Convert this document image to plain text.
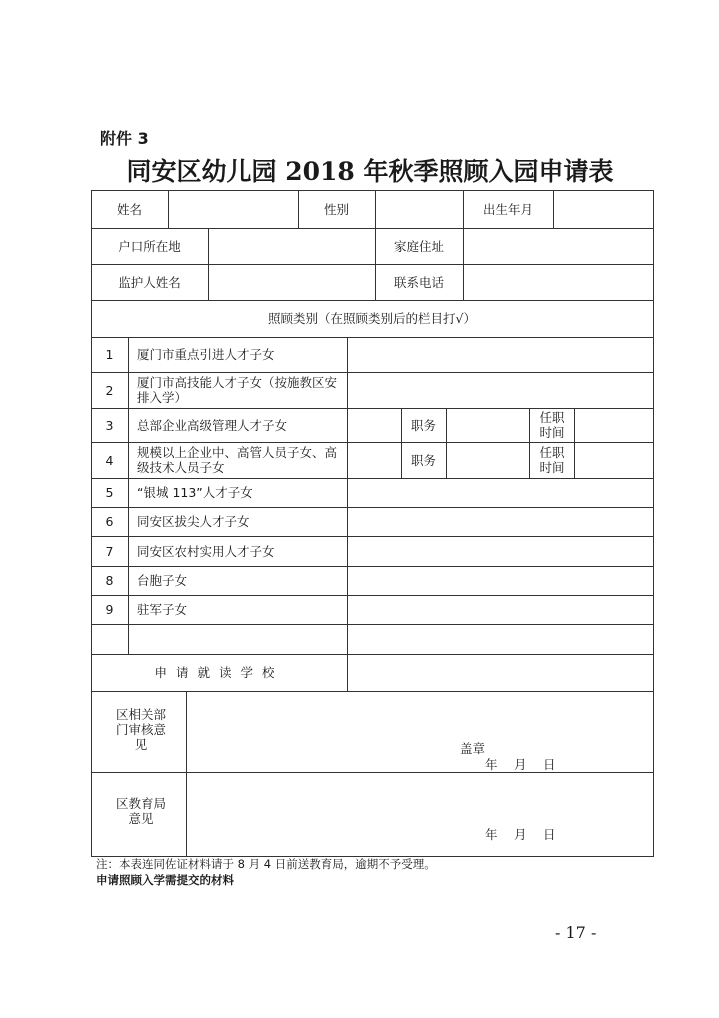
附件 3
同安区幼儿园 2018 年秋季照顾入园申请表
姓名	性别	出生年月
户口所在地	家庭住址
监护人姓名	联系电话
照顾类别（在照顾类别后的栏目打√）
1	厦门市重点引进人才子女
2	厦门市高技能人才子女（按施教区安排入学）
3	总部企业高级管理人才子女	职务	任职时间
4	规模以上企业中、高管人员子女、高级技术人员子女	职务	任职时间
5	“银城 113”人才子女
6	同安区拔尖人才子女
7	同安区农村实用人才子女
8	台胞子女
9	驻军子女
申请就读学校
区相关部门审核意见	盖章
年　月　日
区教育局意见
年　月　日
注：本表连同佐证材料请于 8 月 4 日前送教育局，逾期不予受理。
申请照顾入学需提交的材料
- 17 -
